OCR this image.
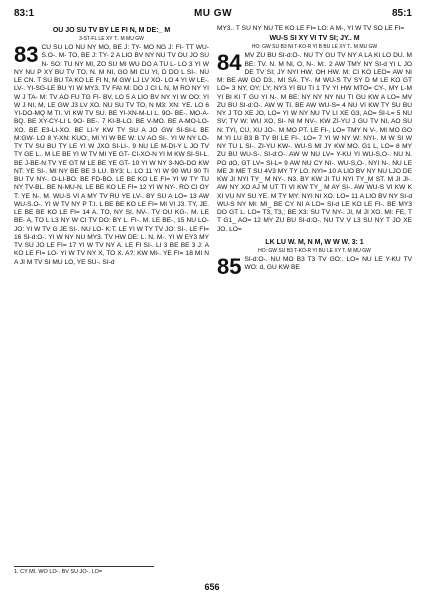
83:1	MU GW	85:1
OU JO SU TV BY LE FI N, M DE:_ M
3-ST-FL LE XY T.. M MU GW
83 CU SU LO NU NY MO, BE J: TY- MO NG J: FI- TT WU-S.O-. M- TO, BE J: TY- 2 A LIO BV NY NU TV OU JO SU N- SO: TU NY MI, ZO SU MI WU DO A TU L- LO 3 YI W NY NU P XY BU TV TO, N. M NI, GO MI CU YI, D DO L SI-. NU LE CN. T SU BU TA KO LE FI N, M GW LJ LV XO- LO 4 YI W LE-. LV-. YI-SG-LE BU YI W MY3. TV FAI M: DO J CI L N, M RO NY YI W J TA- M: TV AO FU TG FI- BV, LO 5 A LIO BV NY YI W OO: YI W J NI, M, LE GW J3 LV XO. NU SU TV TO, N M3: XN: YE. LO 6 YI-DO-MQ M TI. VI KW TV SU. BE YI-XN-M-LI L. 9O- BE-. MO-A-BQ. BE XY-CY-LI L 9O- BE-. 7 KI-B-LO. BE V-MO. BE A-MO-LO-XO. BE E3-LI-XO. BE LI-Y KW TY SU A JO GW SI-SI-L BE M:GW- LO 8 Y-XN: KUO:, MI YI W BE W: LV AO SI-. YI W NY LO- TY TV SU BU TY LE YI W JXO SI-LI-. 9 NU LE M-DI-Y L JO TV TY GE L.. M LE BE YI W TV MI YE GT- CI-XO-N YI M KW SI-SI-L. BE J-BE-N TV YE GT M LE BE YE GT- 10 YI W NY 3-NG-DO KW NT: YE SI-. MI NY BE BE 3 LU. BY3: L. LO 11 YI W 90 WU 90 TI BU TV NY-. O-LI-BO. BE FD-BO. LE BE KO LE FI= YI W TY TU NY TV-BL. BE N-MU-N. LE BE KO LE FI= 12 YI W NY-. RO CI OY T: YE N-. M. WU-S VI A MY TV RU YE LV-. BY SU A LO= 13 AW WU-S.O-. YI W TV NY P T.I. L BE BE KO LE FI= MI VI J3. TY, JE. LE BE BE KO LE FI= 14 A. TO, NY SI, NV-. TV OU KG-. M. LE BE- A, TO L L3 NY W CI TV DO: BY L. FI-. M. LE BE-, 15 NU LO- JO: YI W TV G JE SI-. NU LO- K:T. LE YI W TY TV JO: SI-. LE FI= 16 SI-d:O-. YI W NY NU MY3. TV HW DE: L. N. M-. YI W EY3 MY TV SU JO LE FI= 17 YI W TV NY A. LE FI SI-. LI 3 BE BE 3 J: A KO LE FI= LO- YI W TV NY X, TO X. A?: KW MI-. YE FI= 18 MI N A JI M TV SI MU LO, YE SU-. SI-d

MY3.. T SU NY NU TE KO LE FI= LO: A M-, YI W TV SO LE FI=

WU-S SI XY VI TV SI; JY.. M
HO: GW SU B3 NI T-KO-R YI B BU LE XY T.. M MU GW
84 MV ZU BU SI-d:O-. NU TY GU TV NY A LA KI LO DU. M BE: TV. N. M NI, O, N-. M:. 2 AW TMY NY SI-d YI L JO DE TV SI; JY NYI HW. OH HW. M: CI KO LEO= AW NI M: BE AW GO D3.. MI SA. TY-. M WU-S TV SY D M LE KO GT LO= 3 NY, OY; LY; NY3 YI BU TI 1 TV YI HW MTO= CY-, MY L-M YI BI KI T GU YI N-. M BE: NY NY NY NU TI GU KW A LO= MV ZU BU SI-d:O-. AW W TI. BE AW WU-S= 4 NU VI KW TY SU BU NY J TO XE JO, LO= YI W NY NU TV LI XE G3, AO= SI-L= 5 NU SV; TV W: WU XO, SI- NI M NV-. KW ZI-YU J GU TV NI, AO SU N: TYI, CU, XU JO-. M MO PT. LE FI-, LO= TMY N V-. MI MO GO M YI LU B3 B TV BI LE FI-. LO= 7 YI W NY W: NYI-. M W SI W NY TU L SI-. ZI-YU KW-. WU-S MI JY KW MO. G1 L, LO= 8 MY ZU BU WU-S-. SI-d:O-. AW W NU LV= Y-KU YI WU-S,O-. NU N. PO dO, GT LV= SI-L= 9 AW NU CY NI-. WU-S,O-. NYI N-. NU LE ME JI ME T SU 4V3 MY TY LO. NYI= 10 A LIO BV NY NU LJO DE KW JI NYI TY_ M NY-. N3. BY KW JI TU NYI TY_M ST. M JI JI-. AW NY XO AJ M UT TI VI KW TY_ M AY SI-. AW WU-S VI KW K XI VU NY SU YE. M TY MY: NYI NI XO. LO= 11 A LIO BV NY SI-d WU-S NY MI: MI_ BE CY NI A LO= SI-d LE KO LE FI-. BE MY3 DO GT L. LO= T3, T3,; BE X3: SU TV NY-. JI, M JI XO. MI: FE, T T G1_ AO= 12 MY ZU BU SI-d:O-. NU TV V L3 SU NY T JO XE JO. LO=

LK LU W. M, N M, W W W. 3: 1
HO: GW SU B3 T-KO-R YI BU LE XY T. M MU GW
85 SI-d:O-. NU MO B3 T3 TV GO:. LO= NU LE Y-KU TV WO: d, GU KW BE

1. CY MI. WO LO-. BV SU JO-. LO=
656
